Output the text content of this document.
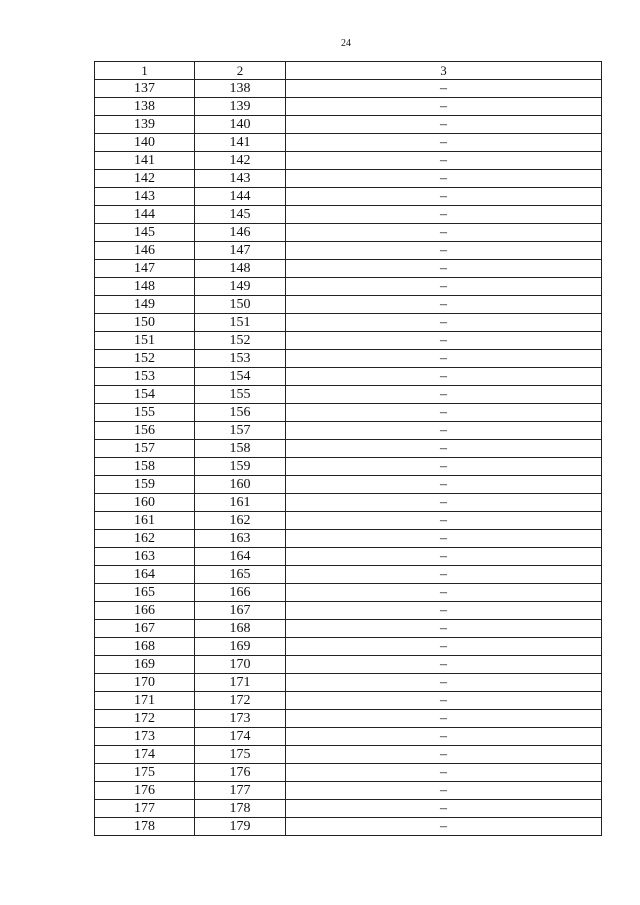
24
1	2	3
137	138	–
138	139	–
139	140	–
140	141	–
141	142	–
142	143	–
143	144	–
144	145	–
145	146	–
146	147	–
147	148	–
148	149	–
149	150	–
150	151	–
151	152	–
152	153	–
153	154	–
154	155	–
155	156	–
156	157	–
157	158	–
158	159	–
159	160	–
160	161	–
161	162	–
162	163	–
163	164	–
164	165	–
165	166	–
166	167	–
167	168	–
168	169	–
169	170	–
170	171	–
171	172	–
172	173	–
173	174	–
174	175	–
175	176	–
176	177	–
177	178	–
178	179	–
